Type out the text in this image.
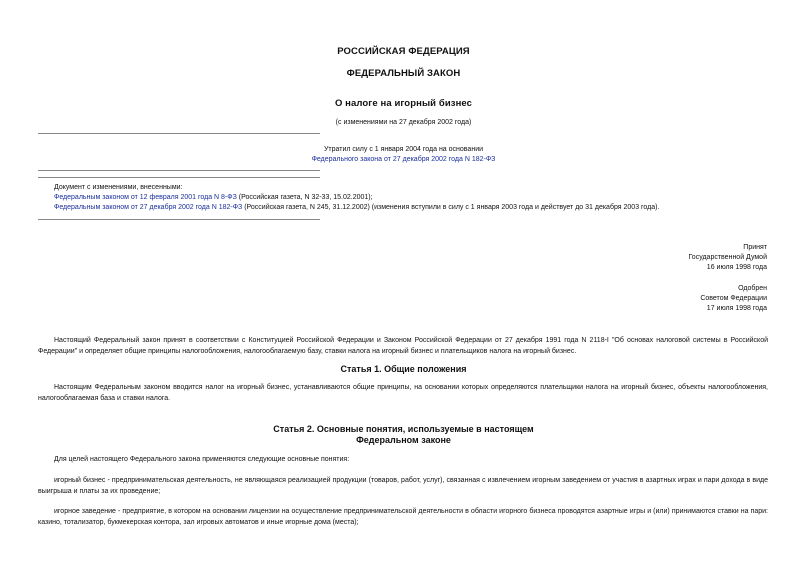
РОССИЙСКАЯ ФЕДЕРАЦИЯ
ФЕДЕРАЛЬНЫЙ ЗАКОН
О налоге на игорный бизнес
(с изменениями на 27 декабря 2002 года)
Утратил силу с 1 января 2004 года на основании
Федерального закона от 27 декабря 2002 года N 182-ФЗ
Документ с изменениями, внесенными:
Федеральным законом от 12 февраля 2001 года N 8-ФЗ (Российская газета, N 32-33, 15.02.2001);
Федеральным законом от 27 декабря 2002 года N 182-ФЗ (Российская газета, N 245, 31.12.2002) (изменения вступили в силу с 1 января 2003 года и действует до 31 декабря 2003 года).
Принят
Государственной Думой
16 июля 1998 года
Одобрен
Советом Федерации
17 июля 1998 года
Настоящий Федеральный закон принят в соответствии с Конституцией Российской Федерации и Законом Российской Федерации от 27 декабря 1991 года N 2118-I "Об основах налоговой системы в Российской Федерации" и определяет общие принципы налогообложения, налогооблагаемую базу, ставки налога на игорный бизнес и плательщиков налога на игорный бизнес.
Статья 1. Общие положения
Настоящим Федеральным законом вводится налог на игорный бизнес, устанавливаются общие принципы, на основании которых определяются плательщики налога на игорный бизнес, объекты налогообложения, налогооблагаемая база и ставки налога.
Статья 2. Основные понятия, используемые в настоящем
Федеральном законе
Для целей настоящего Федерального закона применяются следующие основные понятия:
игорный бизнес - предпринимательская деятельность, не являющаяся реализацией продукции (товаров, работ, услуг), связанная с извлечением игорным заведением от участия в азартных играх и пари дохода в виде выигрыша и платы за их проведение;
игорное заведение - предприятие, в котором на основании лицензии на осуществление предпринимательской деятельности в области игорного бизнеса проводятся азартные игры и (или) принимаются ставки на пари: казино, тотализатор, букмекерская контора, зал игровых автоматов и иные игорные дома (места);
